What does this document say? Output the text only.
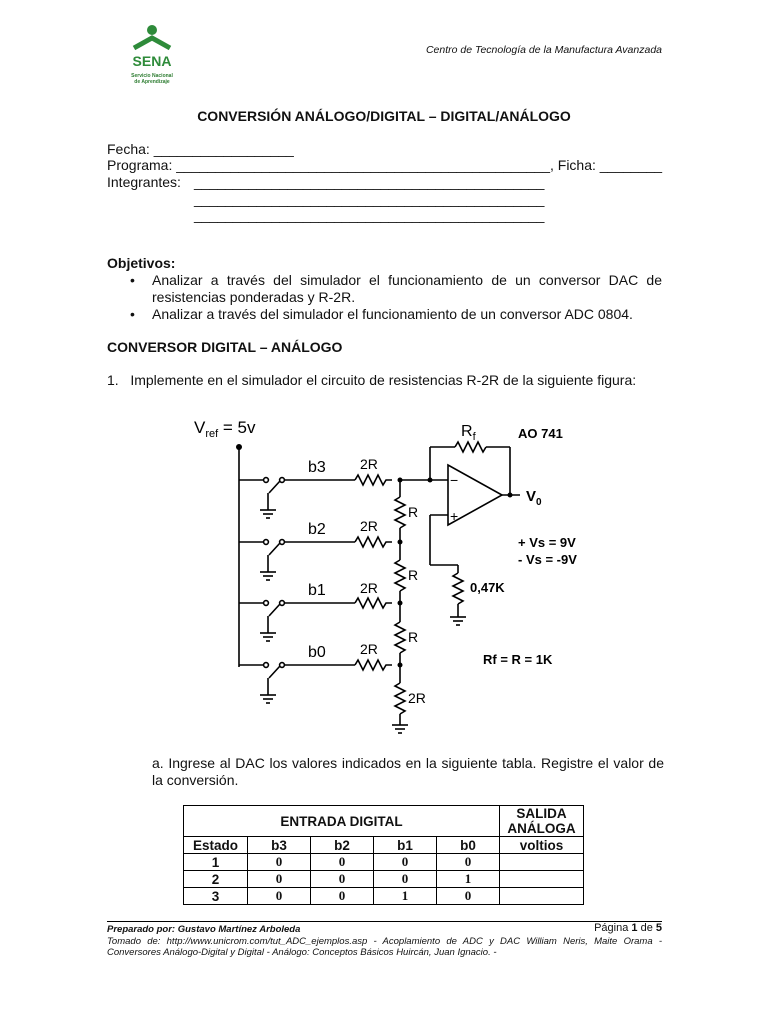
SENA
Servicio Nacional de Aprendizaje
Centro de Tecnología de la Manufactura Avanzada
CONVERSIÓN ANÁLOGO/DIGITAL – DIGITAL/ANÁLOGO
Fecha: __________________
Programa: ________________________________________________, Ficha: ________
Integrantes: _____________________________________________
_____________________________________________
_____________________________________________
Objetivos:
• Analizar a través del simulador el funcionamiento de un conversor DAC de resistencias ponderadas y R-2R.
• Analizar a través del simulador el funcionamiento de un conversor ADC 0804.
CONVERSOR DIGITAL – ANÁLOGO
1.   Implemente en el simulador el circuito de resistencias R-2R de la siguiente figura:
$V_{ref} = 5v$
−
+
b3
b2
b1
b0
2R
2R
2R
2R
R
R
R
2R
$R_f$	AO 741
$V_0$
+ Vs = 9V
- Vs = -9V
0,47K
Rf = R = 1K
a. Ingrese al DAC los valores indicados en la siguiente tabla. Registre el valor de la conversión.
ENTRADA DIGITAL					SALIDA ANÁLOGA
Estado	b3	b2	b1	b0	voltios
1	0	0	0	0	
2	0	0	0	1	
3	0	0	1	0	
Preparado por: Gustavo Martínez Arboleda	Página 1 de 5
Tomado de: http://www.unicrom.com/tut_ADC_ejemplos.asp - Acoplamiento de ADC y DAC William Neris, Maite Orama - Conversores Análogo-Digital y Digital - Análogo: Conceptos Básicos Huircán, Juan Ignacio. -
